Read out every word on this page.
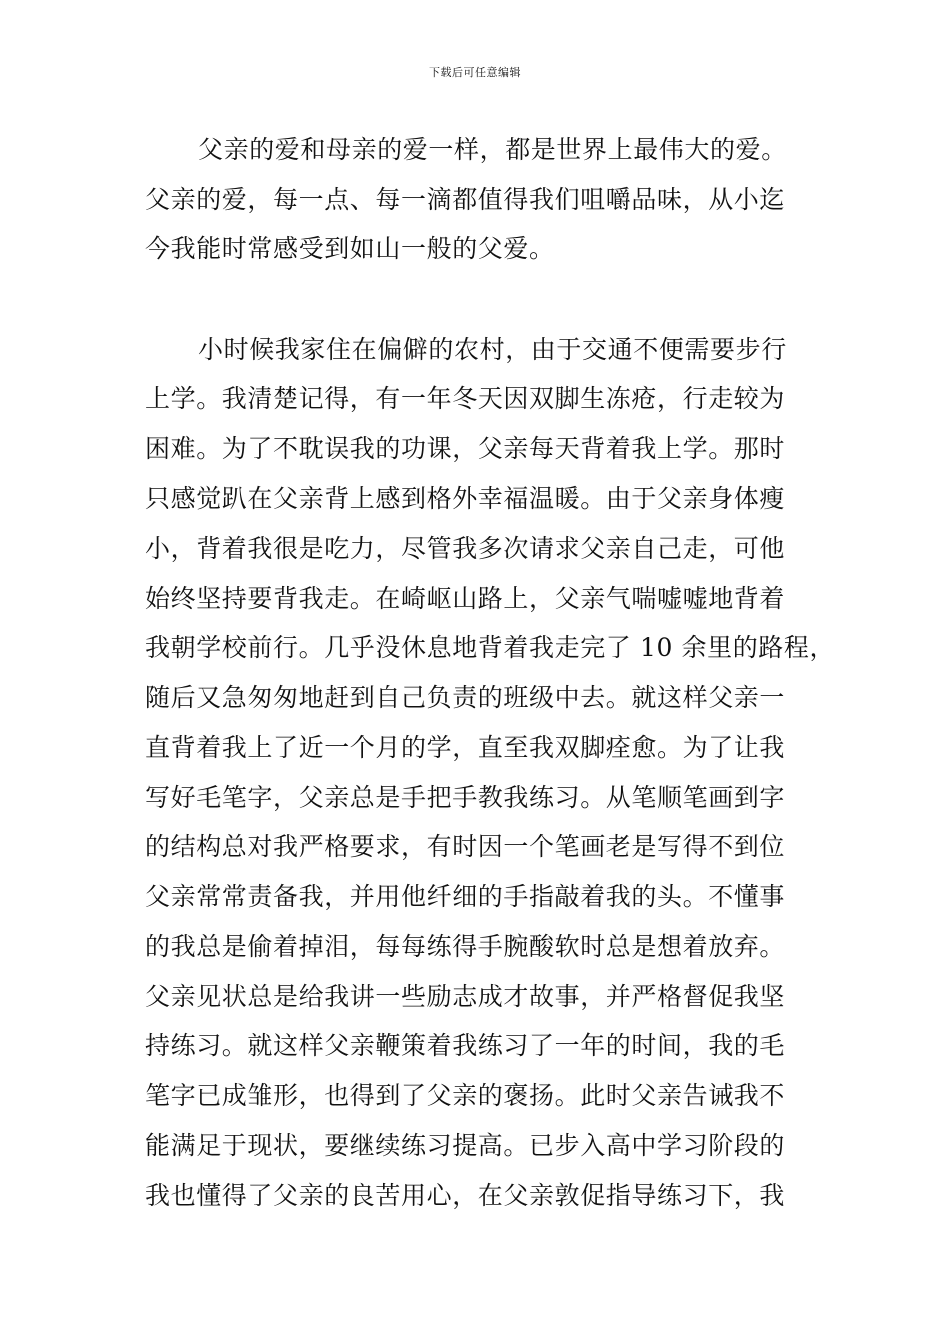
下载后可任意编辑
父亲的爱和母亲的爱一样，都是世界上最伟大的爱。
父亲的爱，每一点、每一滴都值得我们咀嚼品味，从小迄
今我能时常感受到如山一般的父爱。
小时候我家住在偏僻的农村，由于交通不便需要步行
上学。我清楚记得，有一年冬天因双脚生冻疮，行走较为
困难。为了不耽误我的功课，父亲每天背着我上学。那时
只感觉趴在父亲背上感到格外幸福温暖。由于父亲身体瘦
小，背着我很是吃力，尽管我多次请求父亲自己走，可他
始终坚持要背我走。在崎岖山路上，父亲气喘嘘嘘地背着
我朝学校前行。几乎没休息地背着我走完了 10 余里的路程，
随后又急匆匆地赶到自己负责的班级中去。就这样父亲一
直背着我上了近一个月的学，直至我双脚痊愈。为了让我
写好毛笔字，父亲总是手把手教我练习。从笔顺笔画到字
的结构总对我严格要求，有时因一个笔画老是写得不到位
父亲常常责备我，并用他纤细的手指敲着我的头。不懂事
的我总是偷着掉泪，每每练得手腕酸软时总是想着放弃。
父亲见状总是给我讲一些励志成才故事，并严格督促我坚
持练习。就这样父亲鞭策着我练习了一年的时间，我的毛
笔字已成雏形，也得到了父亲的褒扬。此时父亲告诫我不
能满足于现状，要继续练习提高。已步入高中学习阶段的
我也懂得了父亲的良苦用心，在父亲敦促指导练习下，我
